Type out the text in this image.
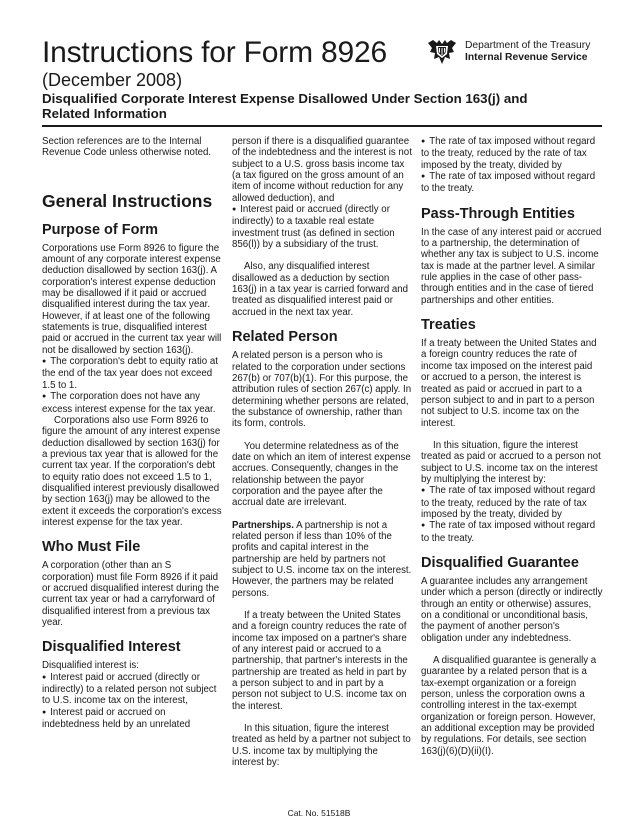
Instructions for Form 8926
(December 2008)
Disqualified Corporate Interest Expense Disallowed Under Section 163(j) and Related Information
Department of the Treasury
Internal Revenue Service

Section references are to the Internal Revenue Code unless otherwise noted.

General Instructions
Purpose of Form

Corporations use Form 8926 to figure the amount of any corporate interest expense deduction disallowed by section 163(j). A corporation's interest expense deduction may be disallowed if it paid or accrued disqualified interest during the tax year. However, if at least one of the following statements is true, disqualified interest paid or accrued in the current tax year will not be disallowed by section 163(j).

● The corporation's debt to equity ratio at the end of the tax year does not exceed 1.5 to 1.

● The corporation does not have any excess interest expense for the tax year.

Corporations also use Form 8926 to figure the amount of any interest expense deduction disallowed by section 163(j) for a previous tax year that is allowed for the current tax year. If the corporation's debt to equity ratio does not exceed 1.5 to 1, disqualified interest previously disallowed by section 163(j) may be allowed to the extent it exceeds the corporation's excess interest expense for the tax year.

Who Must File

A corporation (other than an S corporation) must file Form 8926 if it paid or accrued disqualified interest during the current tax year or had a carryforward of disqualified interest from a previous tax year.

Disqualified Interest

Disqualified interest is:

● Interest paid or accrued (directly or indirectly) to a related person not subject to U.S. income tax on the interest,

● Interest paid or accrued on indebtedness held by an unrelated

person if there is a disqualified guarantee of the indebtedness and the interest is not subject to a U.S. gross basis income tax (a tax figured on the gross amount of an item of income without reduction for any allowed deduction), and

● Interest paid or accrued (directly or indirectly) to a taxable real estate investment trust (as defined in section 856(l)) by a subsidiary of the trust.

Also, any disqualified interest disallowed as a deduction by section 163(j) in a tax year is carried forward and treated as disqualified interest paid or accrued in the next tax year.

Related Person

A related person is a person who is related to the corporation under sections 267(b) or 707(b)(1). For this purpose, the attribution rules of section 267(c) apply. In determining whether persons are related, the substance of ownership, rather than its form, controls.

You determine relatedness as of the date on which an item of interest expense accrues. Consequently, changes in the relationship between the payor corporation and the payee after the accrual date are irrelevant.

Partnerships. A partnership is not a related person if less than 10% of the profits and capital interest in the partnership are held by partners not subject to U.S. income tax on the interest. However, the partners may be related persons.

If a treaty between the United States and a foreign country reduces the rate of income tax imposed on a partner's share of any interest paid or accrued to a partnership, that partner's interests in the partnership are treated as held in part by a person subject to and in part by a person not subject to U.S. income tax on the interest.

In this situation, figure the interest treated as held by a partner not subject to U.S. income tax by multiplying the interest by:

● The rate of tax imposed without regard to the treaty, reduced by the rate of tax imposed by the treaty, divided by

● The rate of tax imposed without regard to the treaty.

Pass-Through Entities

In the case of any interest paid or accrued to a partnership, the determination of whether any tax is subject to U.S. income tax is made at the partner level. A similar rule applies in the case of other pass-through entities and in the case of tiered partnerships and other entities.

Treaties

If a treaty between the United States and a foreign country reduces the rate of income tax imposed on the interest paid or accrued to a person, the interest is treated as paid or accrued in part to a person subject to and in part to a person not subject to U.S. income tax on the interest.

In this situation, figure the interest treated as paid or accrued to a person not subject to U.S. income tax on the interest by multiplying the interest by:

● The rate of tax imposed without regard to the treaty, reduced by the rate of tax imposed by the treaty, divided by

● The rate of tax imposed without regard to the treaty.

Disqualified Guarantee

A guarantee includes any arrangement under which a person (directly or indirectly through an entity or otherwise) assures, on a conditional or unconditional basis, the payment of another person's obligation under any indebtedness.

A disqualified guarantee is generally a guarantee by a related person that is a tax-exempt organization or a foreign person, unless the corporation owns a controlling interest in the tax-exempt organization or foreign person. However, an additional exception may be provided by regulations. For details, see section 163(j)(6)(D)(ii)(I).

Cat. No. 51518B
